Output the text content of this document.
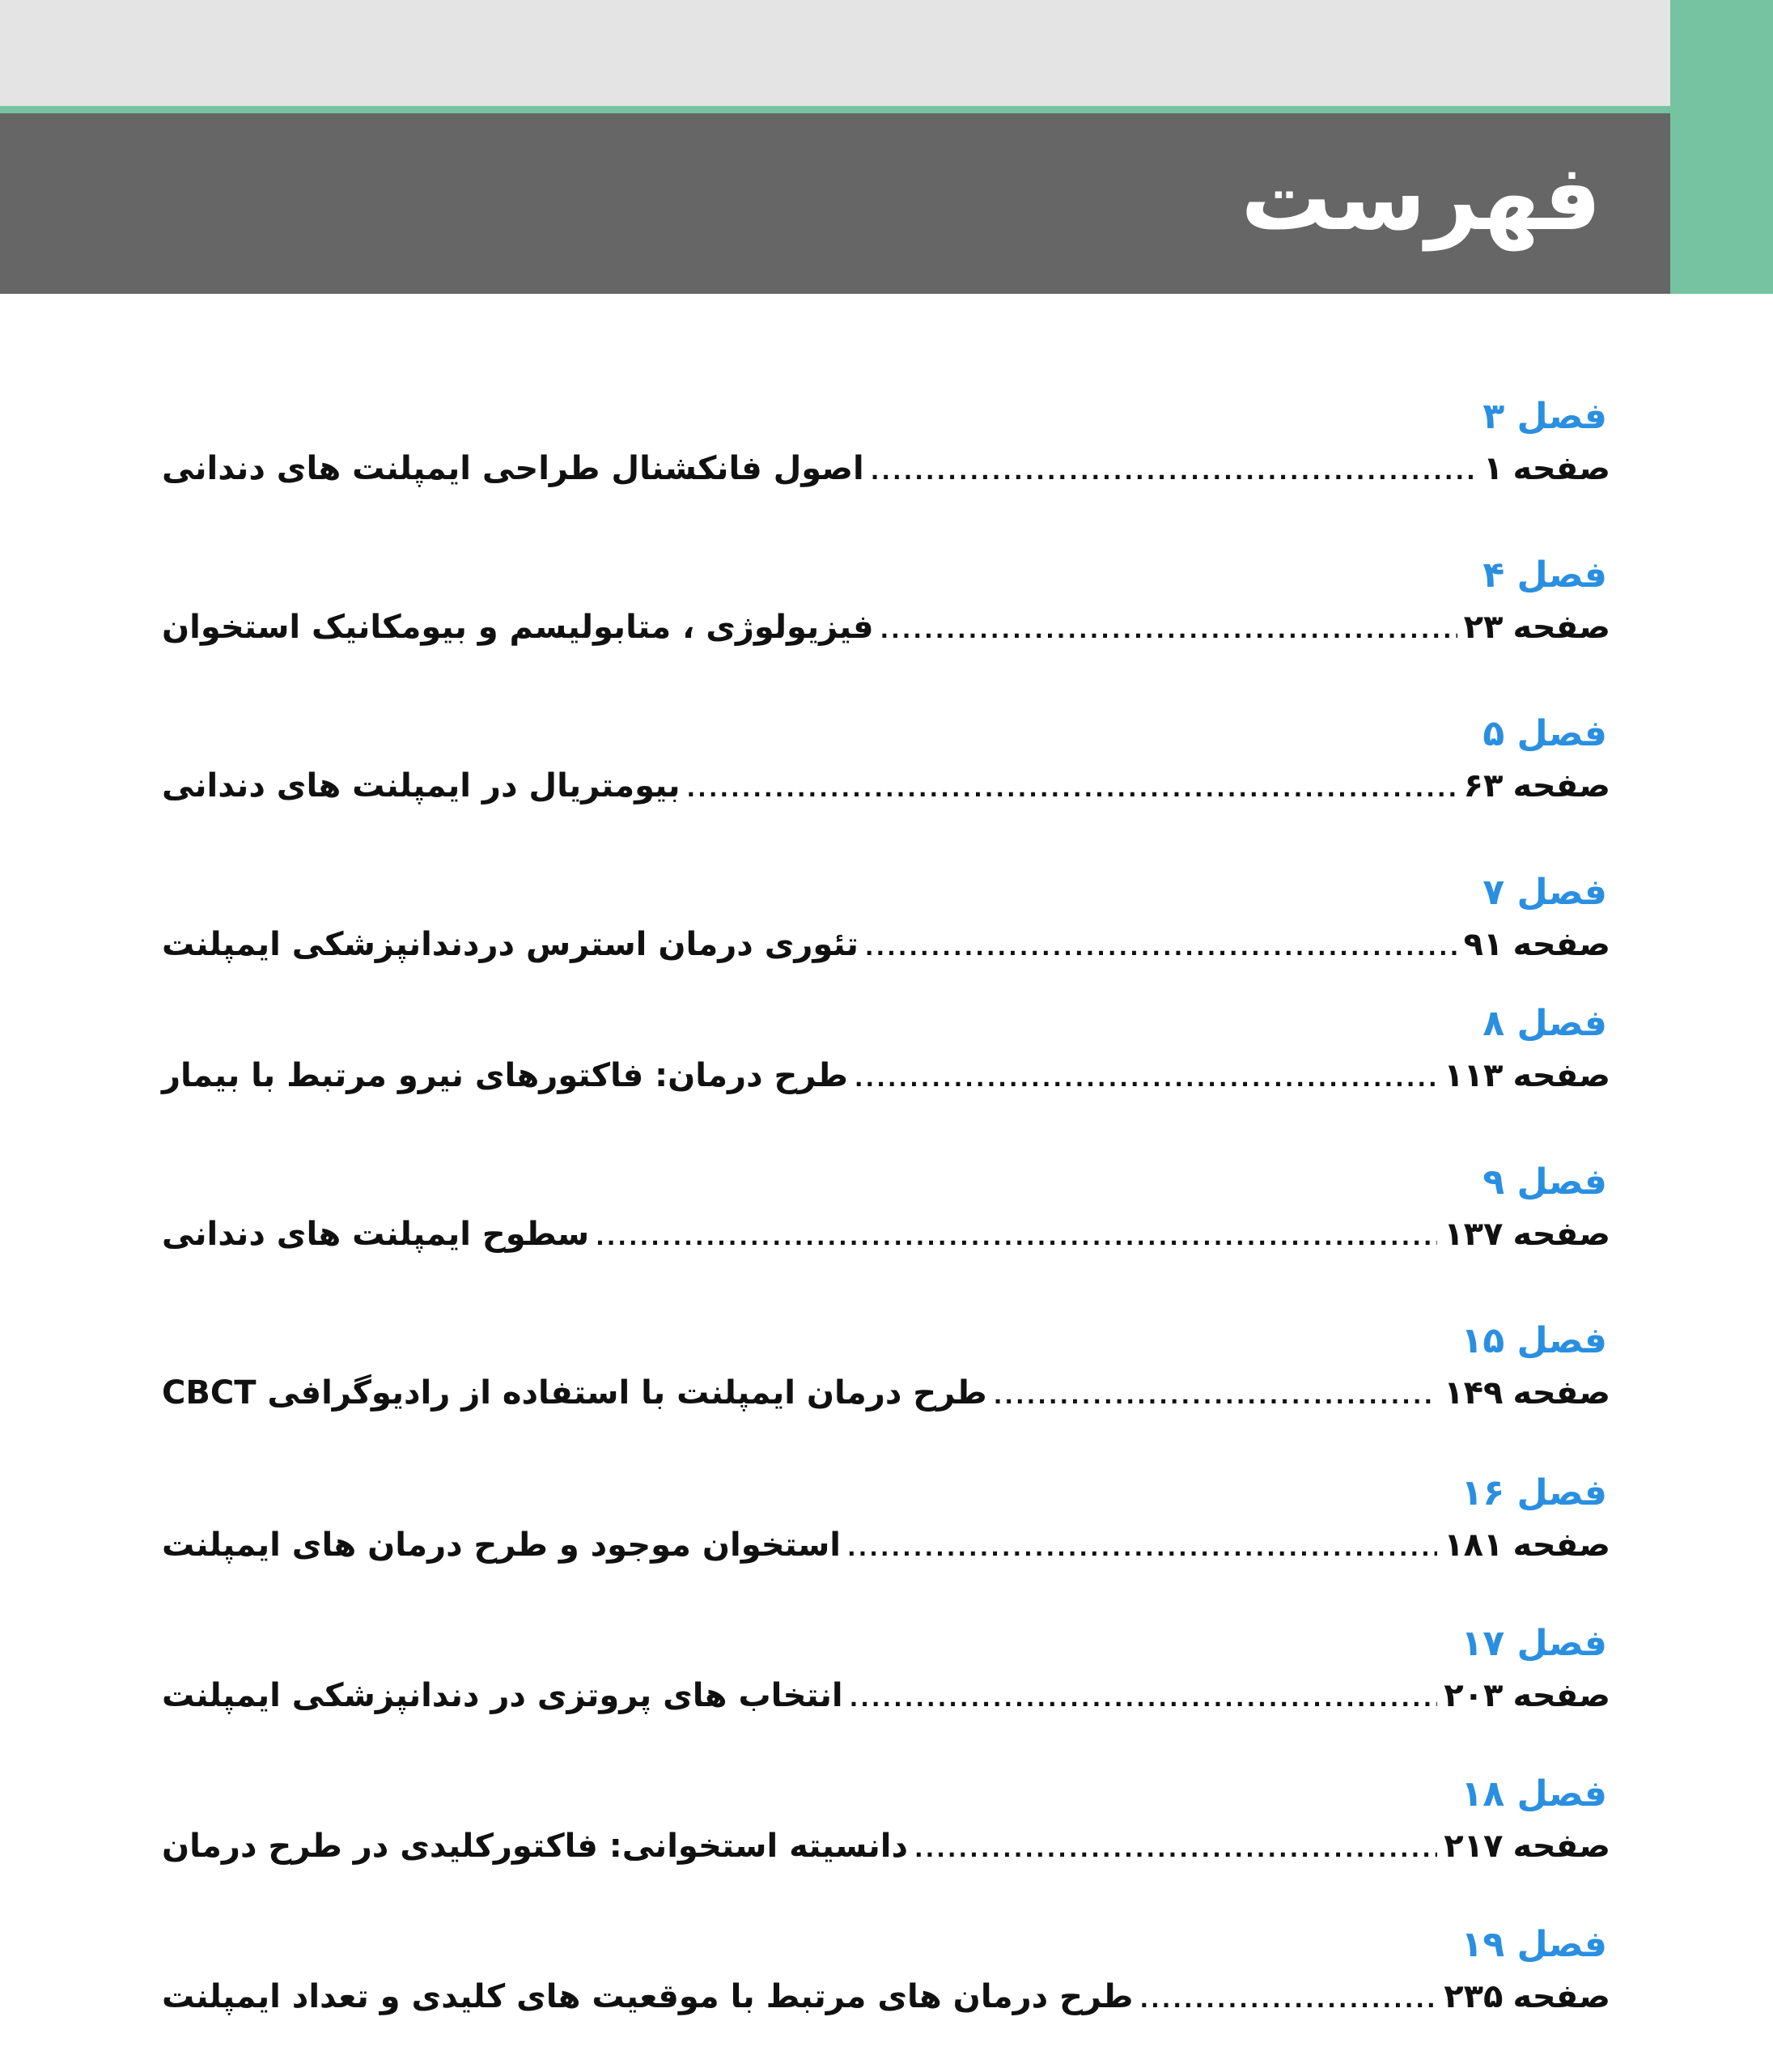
فهرست
فصل ۳
اصول فانکشنال طراحی ایمپلنت های دندانی .....	صفحه۱
فصل ۴
فیزیولوژی ، متابولیسم و بیومکانیک استخوان .....	صفحه۲۳
فصل ۵
بیومتریال در ایمپلنت های دندانی .....	صفحه۶۳
فصل ۷
تئوری درمان استرس دردندانپزشکی ایمپلنت .....	صفحه۹۱
فصل ۸
طرح درمان: فاکتورهای نیرو مرتبط با بیمار .....	صفحه۱۱۳
فصل ۹
سطوح ایمپلنت های دندانی .....	صفحه۱۳۷
فصل ۱۵
طرح درمان ایمپلنت با استفاده از رادیوگرافی CBCT .....	صفحه۱۴۹
فصل ۱۶
استخوان موجود و طرح درمان های ایمپلنت .....	صفحه۱۸۱
فصل ۱۷
انتخاب های پروتزی در دندانپزشکی ایمپلنت .....	صفحه۲۰۳
فصل ۱۸
دانسیته استخوانی: فاکتورکلیدی در طرح درمان .....	صفحه۲۱۷
فصل ۱۹
طرح درمان های مرتبط با موقعیت های کلیدی و تعداد ایمپلنت .....	صفحه۲۳۵
